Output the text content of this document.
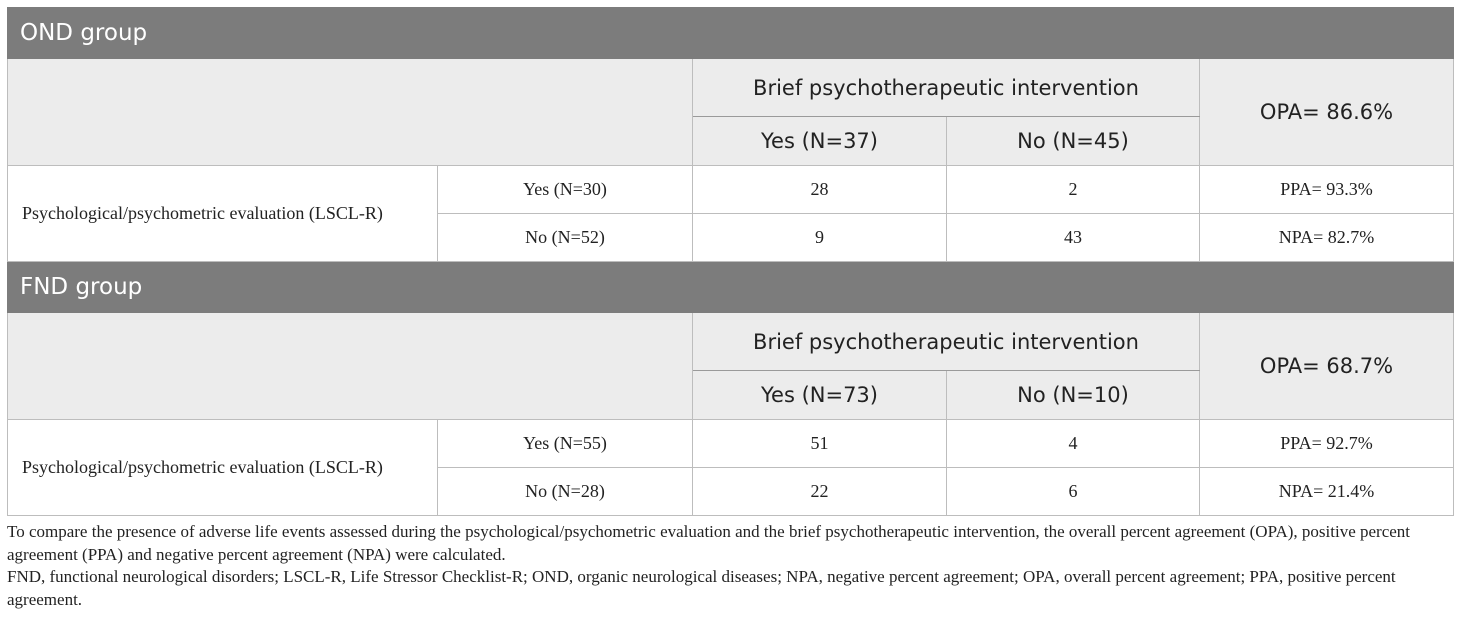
OND group				
		Brief psychotherapeutic intervention		OPA= 86.6%
		Yes (N=37)	No (N=45)	
Psychological/psychometric evaluation (LSCL-R)	Yes (N=30)	28	2	PPA= 93.3%
	No (N=52)	9	43	NPA= 82.7%
FND group				
		Brief psychotherapeutic intervention		OPA= 68.7%
		Yes (N=73)	No (N=10)	
Psychological/psychometric evaluation (LSCL-R)	Yes (N=55)	51	4	PPA= 92.7%
	No (N=28)	22	6	NPA= 21.4%

To compare the presence of adverse life events assessed during the psychological/psychometric evaluation and the brief psychotherapeutic intervention, the overall percent agreement (OPA), positive percent agreement (PPA) and negative percent agreement (NPA) were calculated.

FND, functional neurological disorders; LSCL-R, Life Stressor Checklist-R; OND, organic neurological diseases; NPA, negative percent agreement; OPA, overall percent agreement; PPA, positive percent agreement.
